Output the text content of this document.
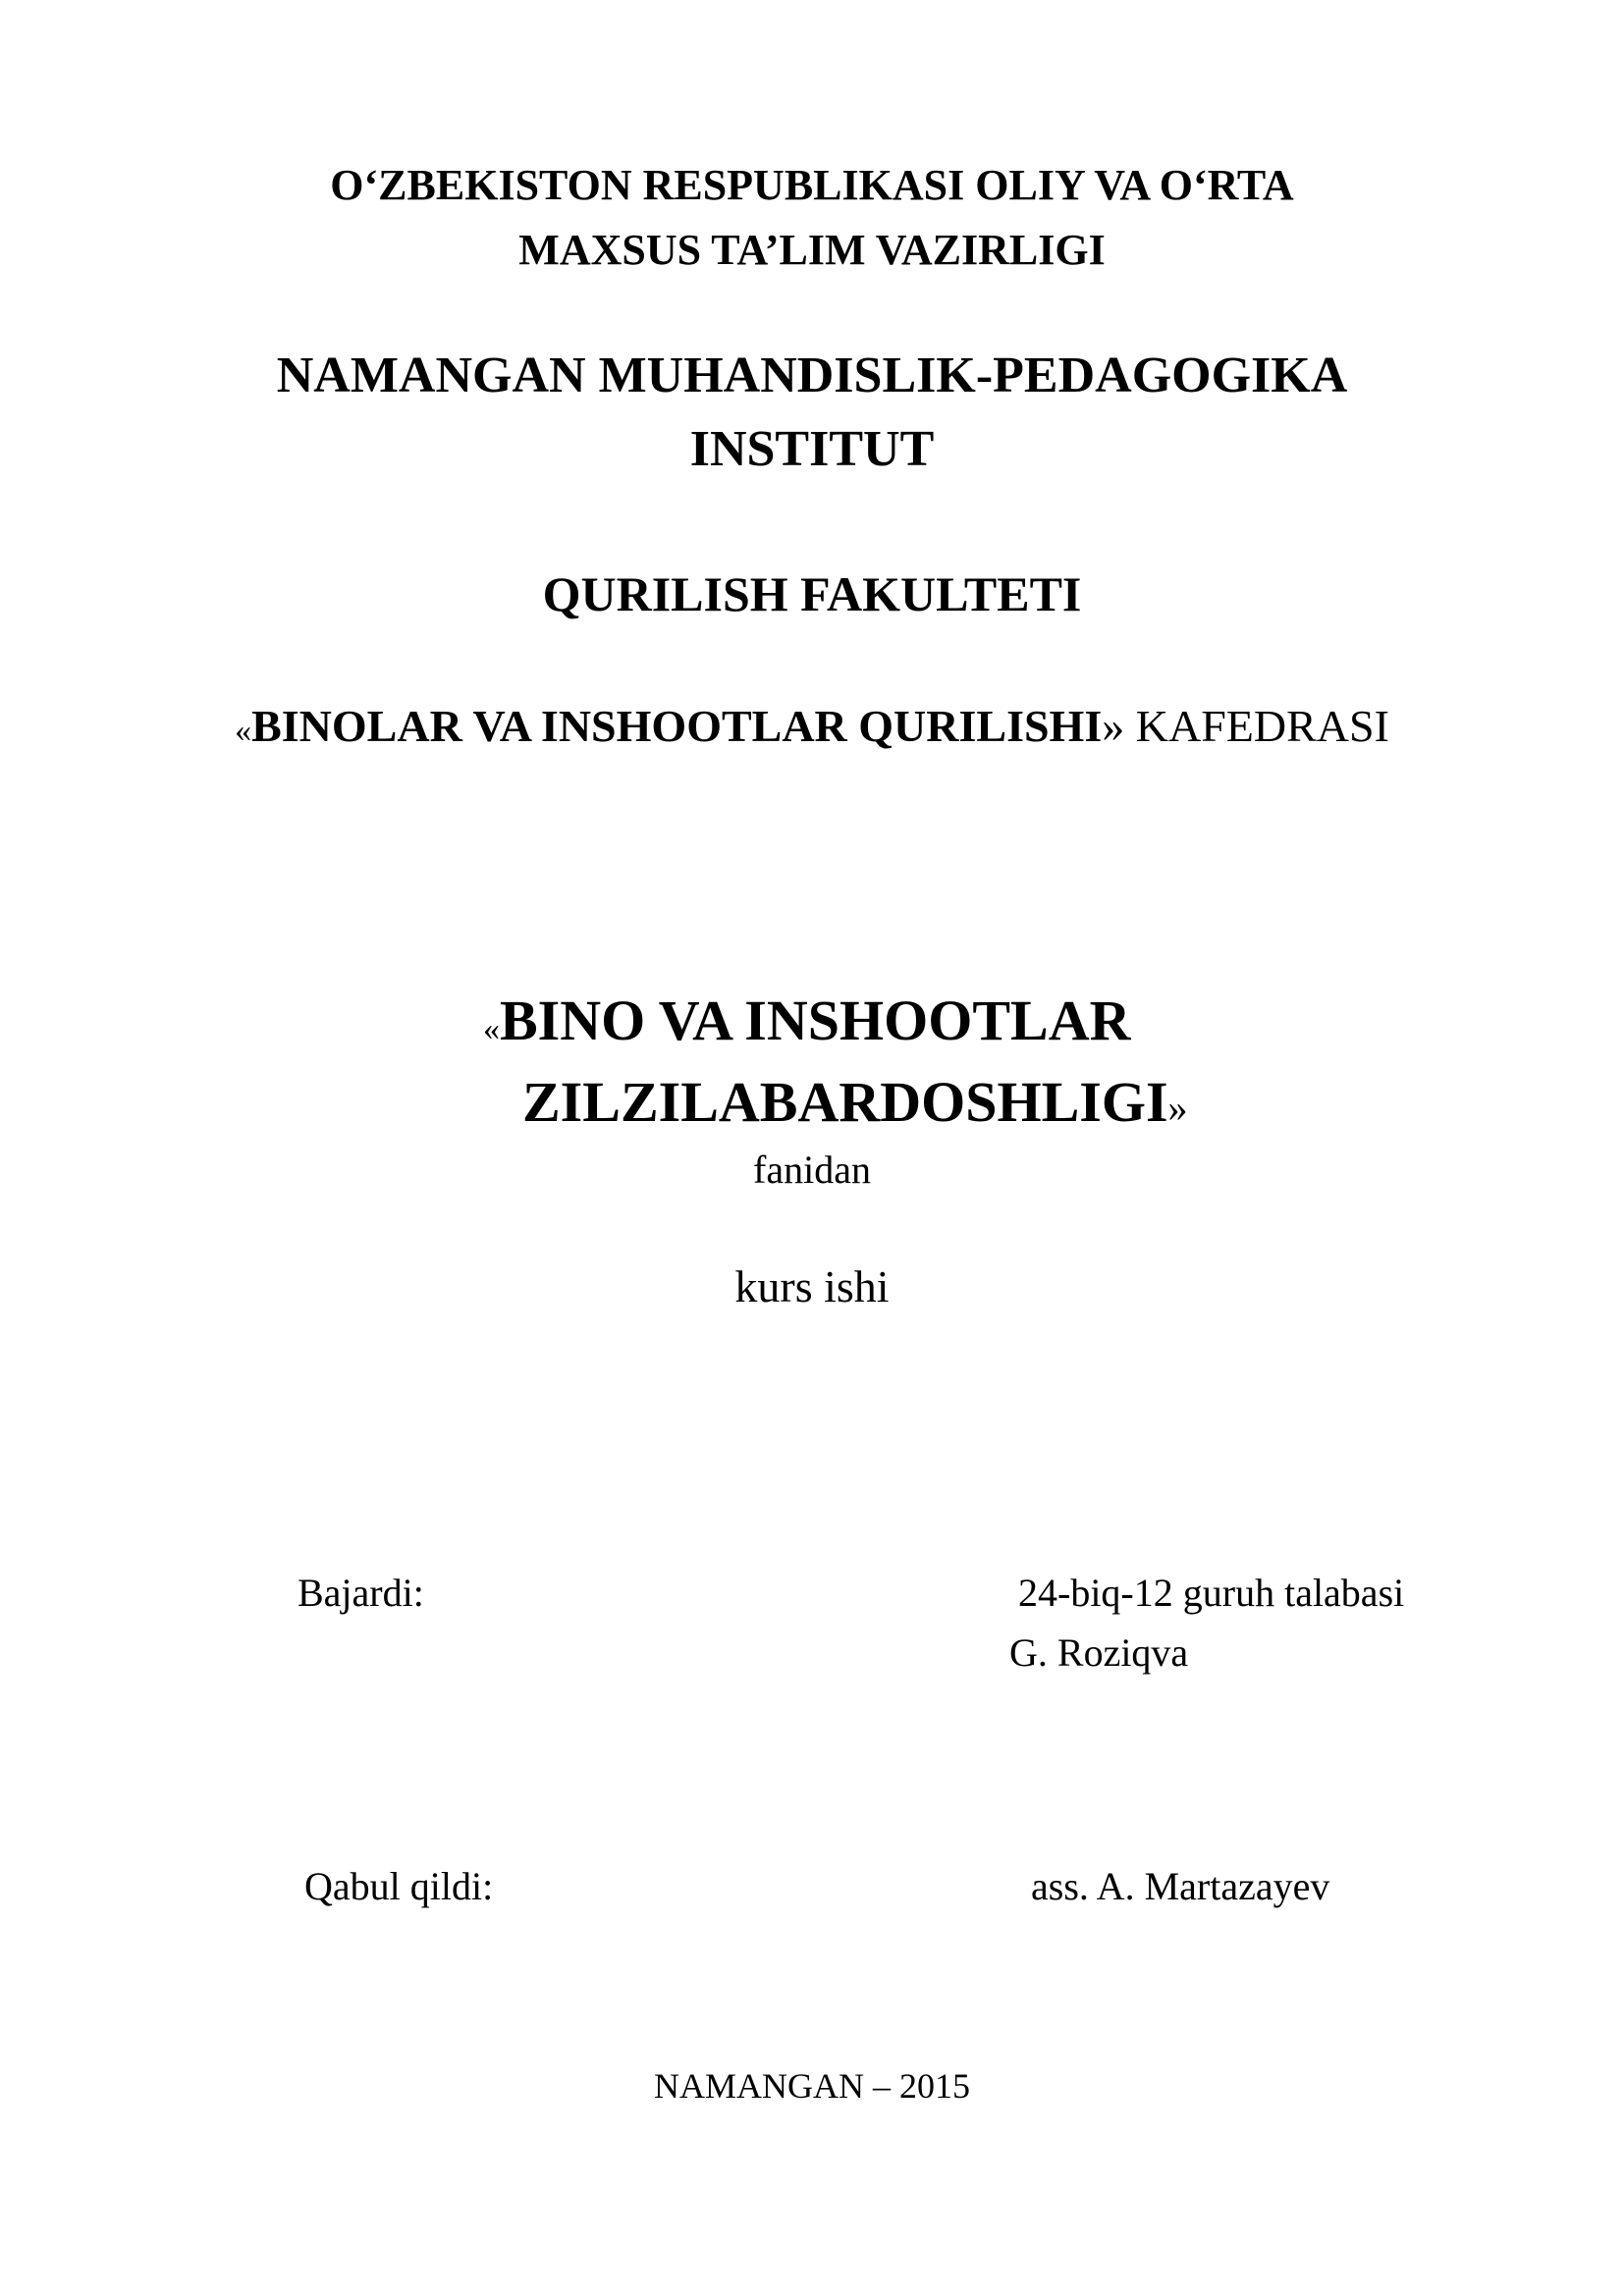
O‘ZBEKISTON RESPUBLIKASI OLIY VA O‘RTA
MAXSUS TA’LIM VAZIRLIGI
NAMANGAN MUHANDISLIK-PEDAGOGIKA
INSTITUT
QURILISH FAKULTETI
«BINOLAR VA INSHOOTLAR QURILISHI» KAFEDRASI
«BINO VA INSHOOTLAR
ZILZILABARDOSHLIGI»
fanidan
kurs ishi
Bajardi:	24-biq-12 guruh talabasi
G. Roziqva
Qabul qildi:	ass. A. Martazayev
NAMANGAN – 2015
